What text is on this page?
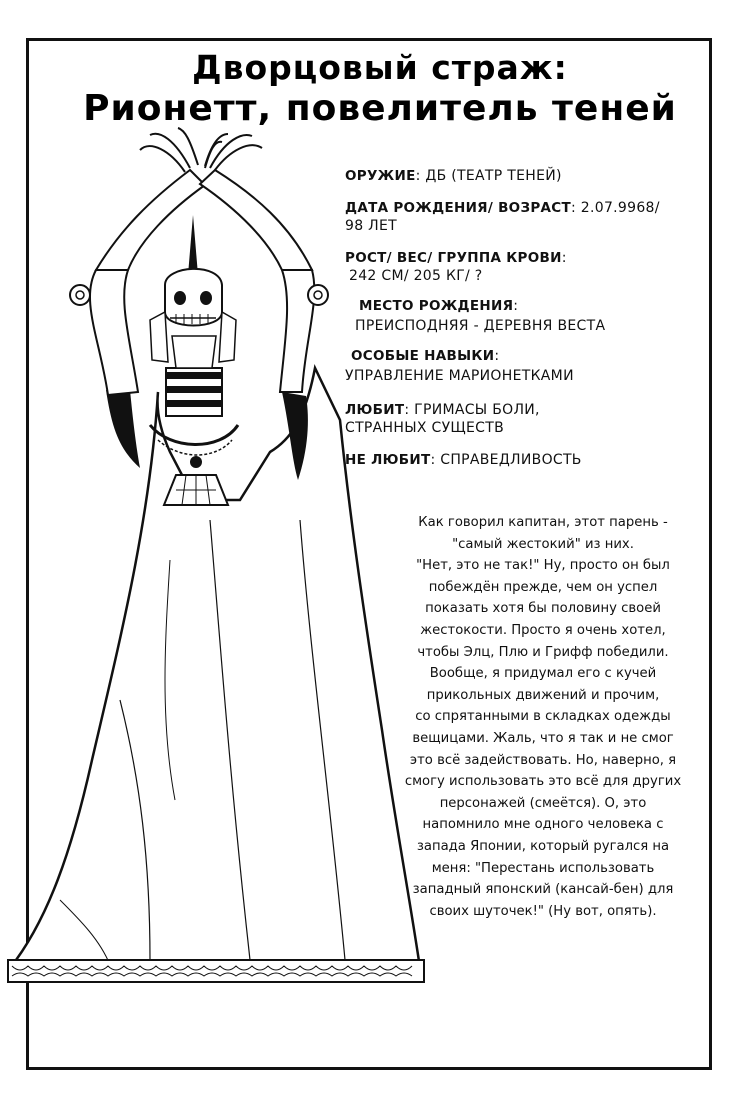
Дворцовый страж:
Рионетт, повелитель теней
ОРУЖИЕ: ДБ (ТЕАТР ТЕНЕЙ)
ДАТА РОЖДЕНИЯ/ ВОЗРАСТ: 2.07.9968/
98 ЛЕТ
РОСТ/ ВЕС/ ГРУППА КРОВИ:
242 СМ/ 205 КГ/ ?
МЕСТО РОЖДЕНИЯ:
ПРЕИСПОДНЯЯ - ДЕРЕВНЯ ВЕСТА
ОСОБЫЕ НАВЫКИ:
УПРАВЛЕНИЕ МАРИОНЕТКАМИ
ЛЮБИТ: ГРИМАСЫ БОЛИ,
СТРАННЫХ СУЩЕСТВ
НЕ ЛЮБИТ: СПРАВЕДЛИВОСТЬ
Как говорил капитан, этот парень -
"самый жестокий" из них.
"Нет, это не так!" Ну, просто он был
побеждён прежде, чем он успел
показать хотя бы половину своей
жестокости. Просто я очень хотел,
чтобы Элц, Плю и Грифф победили.
Вообще, я придумал его с кучей
прикольных движений и прочим,
со спрятанными в складках одежды
вещицами. Жаль, что я так и не смог
это всё задействовать. Но, наверно, я
смогу использовать это всё для других
персонажей (смеётся). О, это
напомнило мне одного человека с
запада Японии, который ругался на
меня: "Перестань использовать
западный японский (кансай-бен) для
своих шуточек!" (Ну вот, опять).
